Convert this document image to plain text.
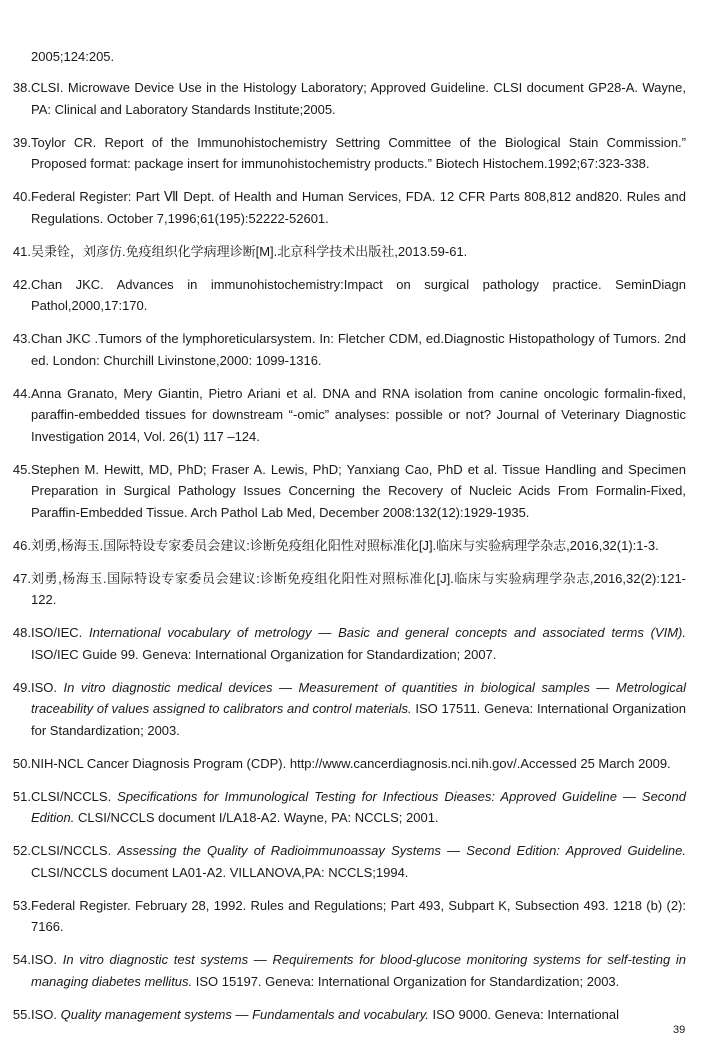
2005;124:205.
38. CLSI. Microwave Device Use in the Histology Laboratory; Approved Guideline. CLSI document GP28-A. Wayne, PA: Clinical and Laboratory Standards Institute;2005.
39. Toylor CR. Report of the Immunohistochemistry Settring Committee of the Biological Stain Commission.” Proposed format: package insert for immunohistochemistry products.” Biotech Histochem.1992;67:323-338.
40. Federal Register: Part Ⅶ Dept. of Health and Human Services, FDA. 12 CFR Parts 808,812 and820. Rules and Regulations. October 7,1996;61(195):52222-52601.
41. 吴秉铨，刘彦仿.免疫组织化学病理诊断[M].北京科学技术出版社,2013.59-61.
42. Chan JKC. Advances in immunohistochemistry:Impact on surgical pathology practice. SeminDiagn Pathol,2000,17:170.
43. Chan JKC .Tumors of the lymphoreticularsystem. In: Fletcher CDM, ed.Diagnostic Histopathology of Tumors. 2nd ed. London: Churchill Livinstone,2000: 1099-1316.
44. Anna Granato, Mery Giantin, Pietro Ariani et al. DNA and RNA isolation from canine oncologic formalin-fixed, paraffin-embedded tissues for downstream “-omic” analyses: possible or not? Journal of Veterinary Diagnostic Investigation 2014, Vol. 26(1) 117 –124.
45. Stephen M. Hewitt, MD, PhD; Fraser A. Lewis, PhD; Yanxiang Cao, PhD et al. Tissue Handling and Specimen Preparation in Surgical Pathology Issues Concerning the Recovery of Nucleic Acids From Formalin-Fixed, Paraffin-Embedded Tissue. Arch Pathol Lab Med, December 2008:132(12):1929-1935.
46. 刘勇,杨海玉.国际特设专家委员会建议:诊断免疫组化阳性对照标准化[J].临床与实验病理学杂志,2016,32(1):1-3.
47. 刘勇,杨海玉.国际特设专家委员会建议:诊断免疫组化阳性对照标准化[J].临床与实验病理学杂志,2016,32(2):121-122.
48. ISO/IEC. International vocabulary of metrology — Basic and general concepts and associated terms (VIM). ISO/IEC Guide 99. Geneva: International Organization for Standardization; 2007.
49. ISO. In vitro diagnostic medical devices — Measurement of quantities in biological samples — Metrological traceability of values assigned to calibrators and control materials. ISO 17511. Geneva: International Organization for Standardization; 2003.
50. NIH-NCL Cancer Diagnosis Program (CDP). http://www.cancerdiagnosis.nci.nih.gov/.Accessed 25 March 2009.
51. CLSI/NCCLS. Specifications for Immunological Testing for Infectious Dieases: Approved Guideline — Second Edition. CLSI/NCCLS document I/LA18-A2. Wayne, PA: NCCLS; 2001.
52. CLSI/NCCLS. Assessing the Quality of Radioimmunoassay Systems — Second Edition: Approved Guideline. CLSI/NCCLS document LA01-A2. VILLANOVA,PA: NCCLS;1994.
53. Federal Register. February 28, 1992. Rules and Regulations; Part 493, Subpart K, Subsection 493. 1218 (b) (2): 7166.
54. ISO. In vitro diagnostic test systems — Requirements for blood-glucose monitoring systems for self-testing in managing diabetes mellitus. ISO 15197. Geneva: International Organization for Standardization; 2003.
55. ISO. Quality management systems — Fundamentals and vocabulary. ISO 9000. Geneva: International
39
